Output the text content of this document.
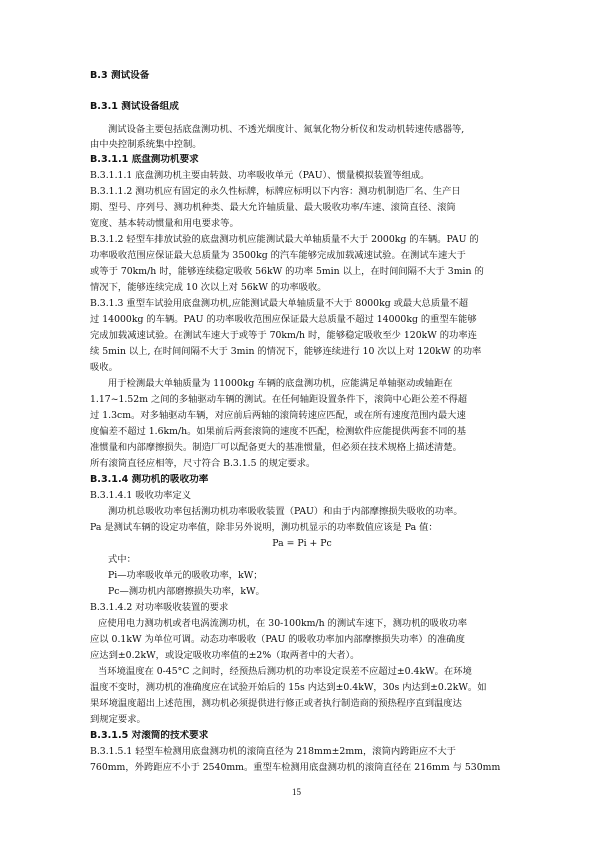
B.3 测试设备
B.3.1 测试设备组成
测试设备主要包括底盘测功机、不透光烟度计、氮氧化物分析仪和发动机转速传感器等,
由中央控制系统集中控制。
B.3.1.1 底盘测功机要求
B.3.1.1.1 底盘测功机主要由转鼓、功率吸收单元（PAU）、惯量模拟装置等组成。
B.3.1.1.2 测功机应有固定的永久性标牌，标牌应标明以下内容：测功机制造厂名、生产日
期、型号、序列号、测功机种类、最大允许轴质量、最大吸收功率/车速、滚筒直径、滚筒
宽度、基本转动惯量和用电要求等。
B.3.1.2 轻型车排放试验的底盘测功机应能测试最大单轴质量不大于 2000kg 的车辆。PAU 的
功率吸收范围应保证最大总质量为 3500kg 的汽车能够完成加载减速试验。在测试车速大于
或等于 70km/h 时，能够连续稳定吸收 56kW 的功率 5min 以上，在时间间隔不大于 3min 的
情况下，能够连续完成 10 次以上对 56kW 的功率吸收。
B.3.1.3 重型车试验用底盘测功机,应能测试最大单轴质量不大于 8000kg 或最大总质量不超
过 14000kg 的车辆。PAU 的功率吸收范围应保证最大总质量不超过 14000kg 的重型车能够
完成加载减速试验。在测试车速大于或等于 70km/h 时，能够稳定吸收至少 120kW 的功率连
续 5min 以上, 在时间间隔不大于 3min 的情况下，能够连续进行 10 次以上对 120kW 的功率
吸收。
用于检测最大单轴质量为 11000kg 车辆的底盘测功机，应能满足单轴驱动或轴距在
1.17~1.52m 之间的多轴驱动车辆的测试。在任何轴距设置条件下，滚筒中心距公差不得超
过 1.3cm。对多轴驱动车辆，对应前后两轴的滚筒转速应匹配，或在所有速度范围内最大速
度偏差不超过 1.6km/h。如果前后两套滚筒的速度不匹配，检测软件应能提供两套不同的基
准惯量和内部摩擦损失。制造厂可以配备更大的基准惯量，但必须在技术规格上描述清楚。
所有滚筒直径应相等，尺寸符合 B.3.1.5 的规定要求。
B.3.1.4 测功机的吸收功率
B.3.1.4.1 吸收功率定义
测功机总吸收功率包括测功机功率吸收装置（PAU）和由于内部摩擦损失吸收的功率。
Pa 是测试车辆的设定功率值，除非另外说明，测功机显示的功率数值应该是 Pa 值：
Pa = Pi + Pc
式中：
Pi—功率吸收单元的吸收功率，kW；
Pc—测功机内部磨擦损失功率，kW。
B.3.1.4.2 对功率吸收装置的要求
应使用电力测功机或者电涡流测功机，在 30-100km/h 的测试车速下，测功机的吸收功率
应以 0.1kW 为单位可调。动态功率吸收（PAU 的吸收功率加内部摩擦损失功率）的准确度
应达到±0.2kW，或设定吸收功率值的±2%（取两者中的大者）。
当环境温度在 0-45°C 之间时，经预热后测功机的功率设定误差不应超过±0.4kW。在环境
温度不变时，测功机的准确度应在试验开始后的 15s 内达到±0.4kW，30s 内达到±0.2kW。如
果环境温度超出上述范围，测功机必须提供进行修正或者执行制造商的预热程序直到温度达
到规定要求。
B.3.1.5 对滚筒的技术要求
B.3.1.5.1 轻型车检测用底盘测功机的滚筒直径为 218mm±2mm，滚筒内跨距应不大于
760mm，外跨距应不小于 2540mm。重型车检测用底盘测功机的滚筒直径在 216mm 与 530mm
15
